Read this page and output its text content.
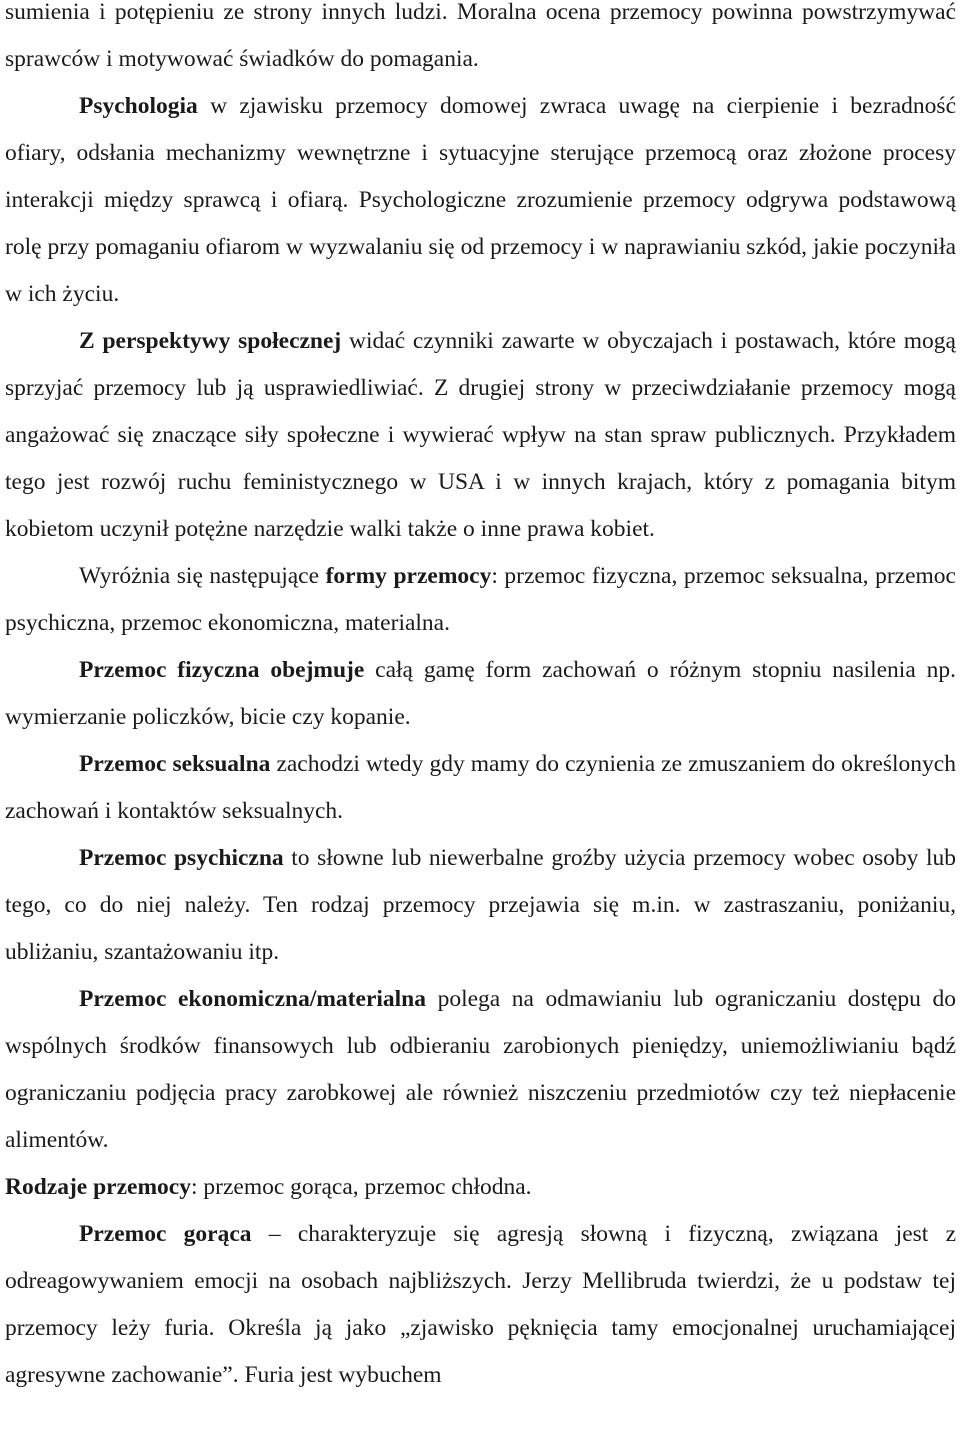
sumienia i potępieniu ze strony innych ludzi. Moralna ocena przemocy powinna powstrzymywać sprawców i motywować świadków do pomagania.

Psychologia w zjawisku przemocy domowej zwraca uwagę na cierpienie i bezradność ofiary, odsłania mechanizmy wewnętrzne i sytuacyjne sterujące przemocą oraz złożone procesy interakcji między sprawcą i ofiarą. Psychologiczne zrozumienie przemocy odgrywa podstawową rolę przy pomaganiu ofiarom w wyzwalaniu się od przemocy i w naprawianiu szkód, jakie poczyniła w ich życiu.

Z perspektywy społecznej widać czynniki zawarte w obyczajach i postawach, które mogą sprzyjać przemocy lub ją usprawiedliwiać. Z drugiej strony w przeciwdziałanie przemocy mogą angażować się znaczące siły społeczne i wywierać wpływ na stan spraw publicznych. Przykładem tego jest rozwój ruchu feministycznego w USA i w innych krajach, który z pomagania bitym kobietom uczynił potężne narzędzie walki także o inne prawa kobiet.

Wyróżnia się następujące formy przemocy: przemoc fizyczna, przemoc seksualna, przemoc psychiczna, przemoc ekonomiczna, materialna.

Przemoc fizyczna obejmuje całą gamę form zachowań o różnym stopniu nasilenia np. wymierzanie policzków, bicie czy kopanie.

Przemoc seksualna zachodzi wtedy gdy mamy do czynienia ze zmuszaniem do określonych zachowań i kontaktów seksualnych.

Przemoc psychiczna to słowne lub niewerbalne groźby użycia przemocy wobec osoby lub tego, co do niej należy. Ten rodzaj przemocy przejawia się m.in. w zastraszaniu, poniżaniu, ubliżaniu, szantażowaniu itp.

Przemoc ekonomiczna/materialna polega na odmawianiu lub ograniczaniu dostępu do wspólnych środków finansowych lub odbieraniu zarobionych pieniędzy, uniemożliwianiu bądź ograniczaniu podjęcia pracy zarobkowej ale również niszczeniu przedmiotów czy też niepłacenie alimentów.

Rodzaje przemocy: przemoc gorąca, przemoc chłodna.

Przemoc gorąca – charakteryzuje się agresją słowną i fizyczną, związana jest z odreagowywaniem emocji na osobach najbliższych. Jerzy Mellibruda twierdzi, że u podstaw tej przemocy leży furia. Określa ją jako „zjawisko pęknięcia tamy emocjonalnej uruchamiającej agresywne zachowanie”. Furia jest wybuchem
